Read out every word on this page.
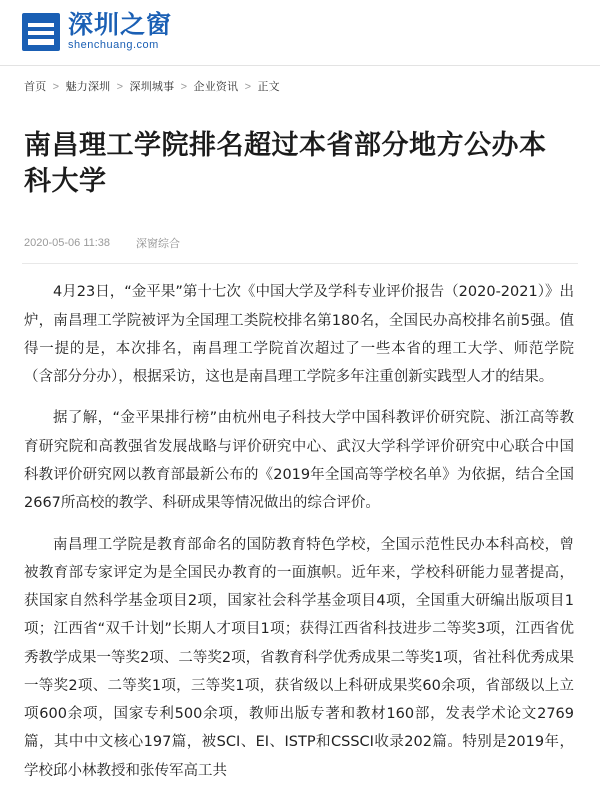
深圳之窗
shenchuang.com
首页 > 魅力深圳 > 深圳城事 > 企业资讯 > 正文
南昌理工学院排名超过本省部分地方公办本科大学
2020-05-06 11:38 深窗综合

4月23日，“金平果”第十七次《中国大学及学科专业评价报告（2020-2021）》出炉，南昌理工学院被评为全国理工类院校排名第180名，全国民办高校排名前5强。值得一提的是，本次排名，南昌理工学院首次超过了一些本省的理工大学、师范学院（含部分分办），根据采访，这也是南昌理工学院多年注重创新实践型人才的结果。

据了解，“金平果排行榜”由杭州电子科技大学中国科教评价研究院、浙江高等教育研究院和高教强省发展战略与评价研究中心、武汉大学科学评价研究中心联合中国科教评价研究网以教育部最新公布的《2019年全国高等学校名单》为依据，结合全国2667所高校的教学、科研成果等情况做出的综合评价。

南昌理工学院是教育部命名的国防教育特色学校，全国示范性民办本科高校，曾被教育部专家评定为是全国民办教育的一面旗帜。近年来，学校科研能力显著提高，获国家自然科学基金项目2项，国家社会科学基金项目4项，全国重大研编出版项目1项；江西省“双千计划”长期人才项目1项；获得江西省科技进步二等奖3项，江西省优秀教学成果一等奖2项、二等奖2项，省教育科学优秀成果二等奖1项，省社科优秀成果一等奖2项、二等奖1项，三等奖1项，获省级以上科研成果奖60余项，省部级以上立项600余项，国家专利500余项，教师出版专著和教材160部，发表学术论文2769篇，其中中文核心197篇，被SCI、EI、ISTP和CSSCI收录202篇。特别是2019年，学校邱小林教授和张传军高工共
